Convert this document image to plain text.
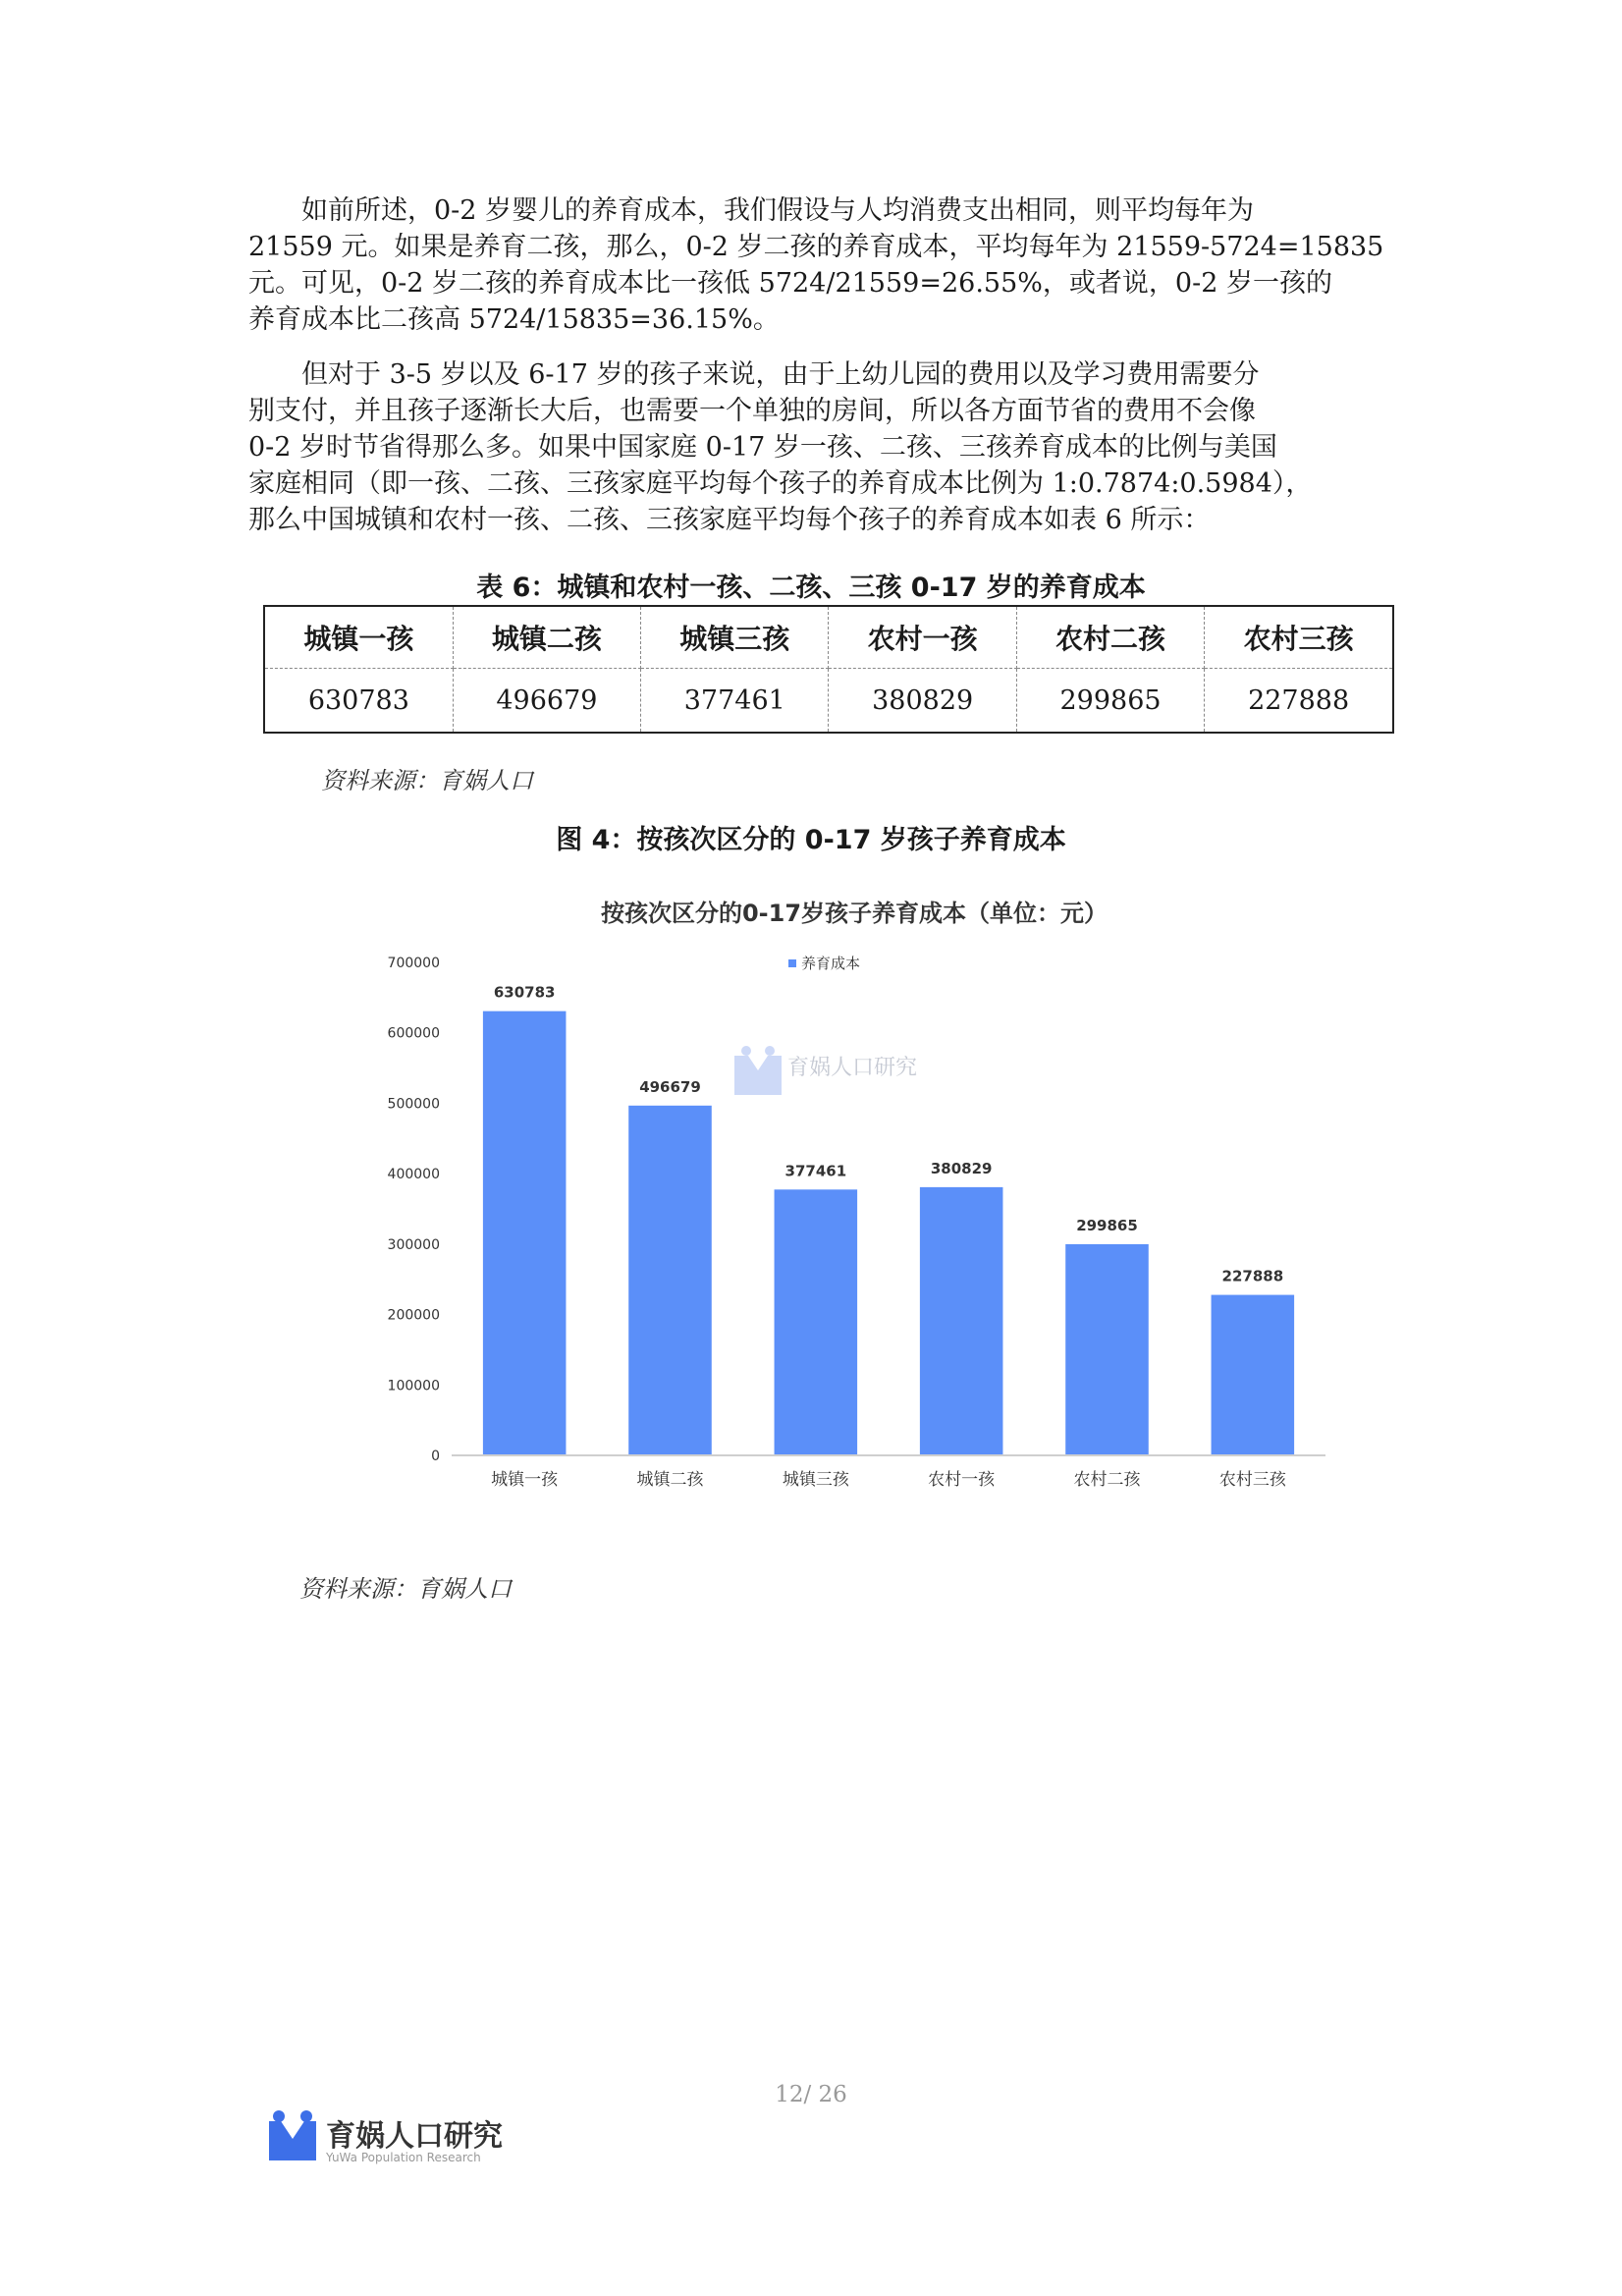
如前所述，0-2 岁婴儿的养育成本，我们假设与人均消费支出相同，则平均每年为
21559 元。如果是养育二孩，那么，0-2 岁二孩的养育成本，平均每年为 21559-5724=15835
元。可见，0-2 岁二孩的养育成本比一孩低 5724/21559=26.55%，或者说，0-2 岁一孩的
养育成本比二孩高 5724/15835=36.15%。
但对于 3-5 岁以及 6-17 岁的孩子来说，由于上幼儿园的费用以及学习费用需要分
别支付，并且孩子逐渐长大后，也需要一个单独的房间，所以各方面节省的费用不会像
0-2 岁时节省得那么多。如果中国家庭 0-17 岁一孩、二孩、三孩养育成本的比例与美国
家庭相同（即一孩、二孩、三孩家庭平均每个孩子的养育成本比例为 1:0.7874:0.5984），
那么中国城镇和农村一孩、二孩、三孩家庭平均每个孩子的养育成本如表 6 所示：
表 6：城镇和农村一孩、二孩、三孩 0-17 岁的养育成本
城镇一孩	城镇二孩	城镇三孩	农村一孩	农村二孩	农村三孩
630783	496679	377461	380829	299865	227888
资料来源：育娲人口
图 4：按孩次区分的 0-17 岁孩子养育成本
按孩次区分的0-17岁孩子养育成本（单位：元）
育娲人口研究
养育成本
0
100000
200000
300000
400000
500000
600000
700000
630783
496679
377461	380829
299865
227888
城镇一孩	城镇二孩	城镇三孩	农村一孩	农村二孩	农村三孩
资料来源：育娲人口
12/ 26
育娲人口研究
YuWa Population Research
